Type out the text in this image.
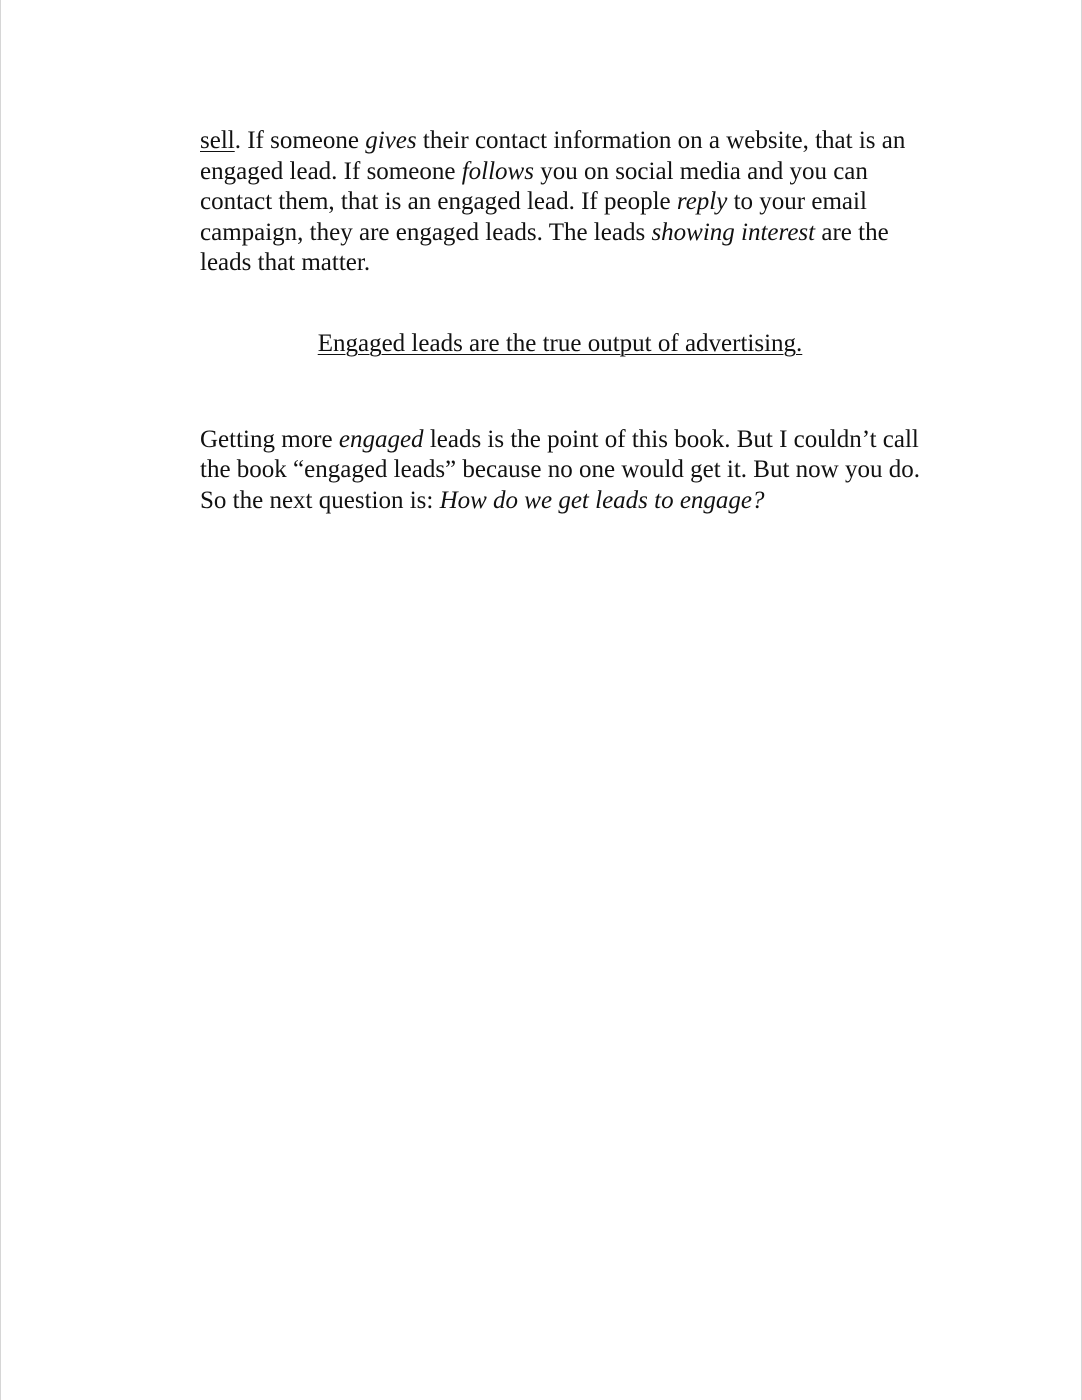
sell. If someone gives their contact information on a website, that is an engaged lead. If someone follows you on social media and you can contact them, that is an engaged lead. If people reply to your email campaign, they are engaged leads. The leads showing interest are the leads that matter.

Engaged leads are the true output of advertising.

Getting more engaged leads is the point of this book. But I couldn’t call the book “engaged leads” because no one would get it. But now you do. So the next question is: How do we get leads to engage?
